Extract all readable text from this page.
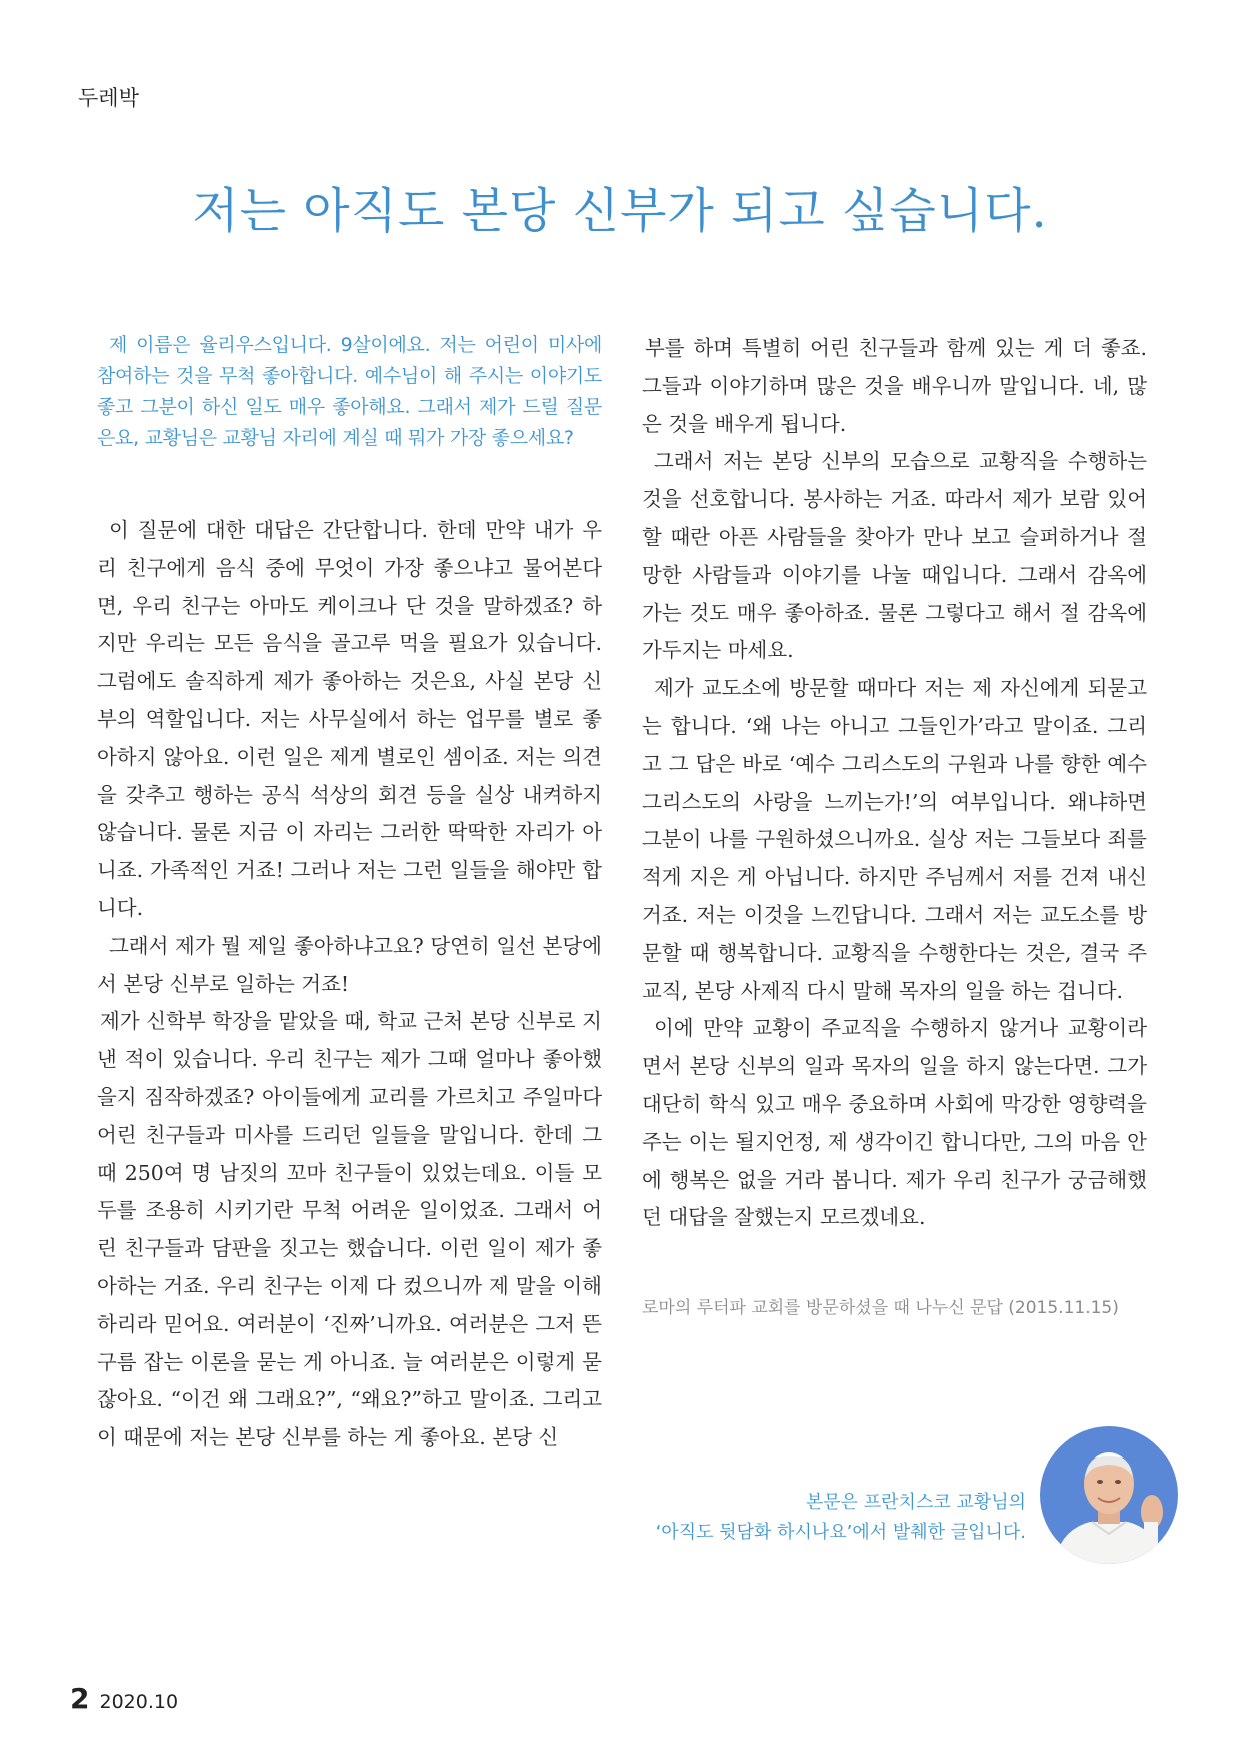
두레박
저는 아직도 본당 신부가 되고 싶습니다.

제 이름은 율리우스입니다. 9살이에요. 저는 어린이 미사에 참여하는 것을 무척 좋아합니다. 예수님이 해 주시는 이야기도 좋고 그분이 하신 일도 매우 좋아해요. 그래서 제가 드릴 질문은요, 교황님은 교황님 자리에 계실 때 뭐가 가장 좋으세요?

이 질문에 대한 대답은 간단합니다. 한데 만약 내가 우리 친구에게 음식 중에 무엇이 가장 좋으냐고 물어본다면, 우리 친구는 아마도 케이크나 단 것을 말하겠죠? 하지만 우리는 모든 음식을 골고루 먹을 필요가 있습니다. 그럼에도 솔직하게 제가 좋아하는 것은요, 사실 본당 신부의 역할입니다. 저는 사무실에서 하는 업무를 별로 좋아하지 않아요. 이런 일은 제게 별로인 셈이죠. 저는 의견을 갖추고 행하는 공식 석상의 회견 등을 실상 내켜하지 않습니다. 물론 지금 이 자리는 그러한 딱딱한 자리가 아니죠. 가족적인 거죠! 그러나 저는 그런 일들을 해야만 합니다.

그래서 제가 뭘 제일 좋아하냐고요? 당연히 일선 본당에서 본당 신부로 일하는 거죠!

제가 신학부 학장을 맡았을 때, 학교 근처 본당 신부로 지낸 적이 있습니다. 우리 친구는 제가 그때 얼마나 좋아했을지 짐작하겠죠? 아이들에게 교리를 가르치고 주일마다 어린 친구들과 미사를 드리던 일들을 말입니다. 한데 그때 250여 명 남짓의 꼬마 친구들이 있었는데요. 이들 모두를 조용히 시키기란 무척 어려운 일이었죠. 그래서 어린 친구들과 담판을 짓고는 했습니다. 이런 일이 제가 좋아하는 거죠. 우리 친구는 이제 다 컸으니까 제 말을 이해하리라 믿어요. 여러분이 ‘진짜’니까요. 여러분은 그저 뜬구름 잡는 이론을 묻는 게 아니죠. 늘 여러분은 이렇게 묻잖아요. “이건 왜 그래요?”, “왜요?”하고 말이죠. 그리고 이 때문에 저는 본당 신부를 하는 게 좋아요. 본당 신

부를 하며 특별히 어린 친구들과 함께 있는 게 더 좋죠. 그들과 이야기하며 많은 것을 배우니까 말입니다. 네, 많은 것을 배우게 됩니다.

그래서 저는 본당 신부의 모습으로 교황직을 수행하는 것을 선호합니다. 봉사하는 거죠. 따라서 제가 보람 있어 할 때란 아픈 사람들을 찾아가 만나 보고 슬퍼하거나 절망한 사람들과 이야기를 나눌 때입니다. 그래서 감옥에 가는 것도 매우 좋아하죠. 물론 그렇다고 해서 절 감옥에 가두지는 마세요.

제가 교도소에 방문할 때마다 저는 제 자신에게 되묻고는 합니다. ‘왜 나는 아니고 그들인가’라고 말이죠. 그리고 그 답은 바로 ‘예수 그리스도의 구원과 나를 향한 예수 그리스도의 사랑을 느끼는가!’의 여부입니다. 왜냐하면 그분이 나를 구원하셨으니까요. 실상 저는 그들보다 죄를 적게 지은 게 아닙니다. 하지만 주님께서 저를 건져 내신 거죠. 저는 이것을 느낀답니다. 그래서 저는 교도소를 방문할 때 행복합니다. 교황직을 수행한다는 것은, 결국 주교직, 본당 사제직 다시 말해 목자의 일을 하는 겁니다.

이에 만약 교황이 주교직을 수행하지 않거나 교황이라면서 본당 신부의 일과 목자의 일을 하지 않는다면. 그가 대단히 학식 있고 매우 중요하며 사회에 막강한 영향력을 주는 이는 될지언정, 제 생각이긴 합니다만, 그의 마음 안에 행복은 없을 거라 봅니다. 제가 우리 친구가 궁금해했던 대답을 잘했는지 모르겠네요.

로마의 루터파 교회를 방문하셨을 때 나누신 문답 (2015.11.15)

본문은 프란치스코 교황님의
‘아직도 뒷담화 하시나요’에서 발췌한 글입니다.
2 2020.10
